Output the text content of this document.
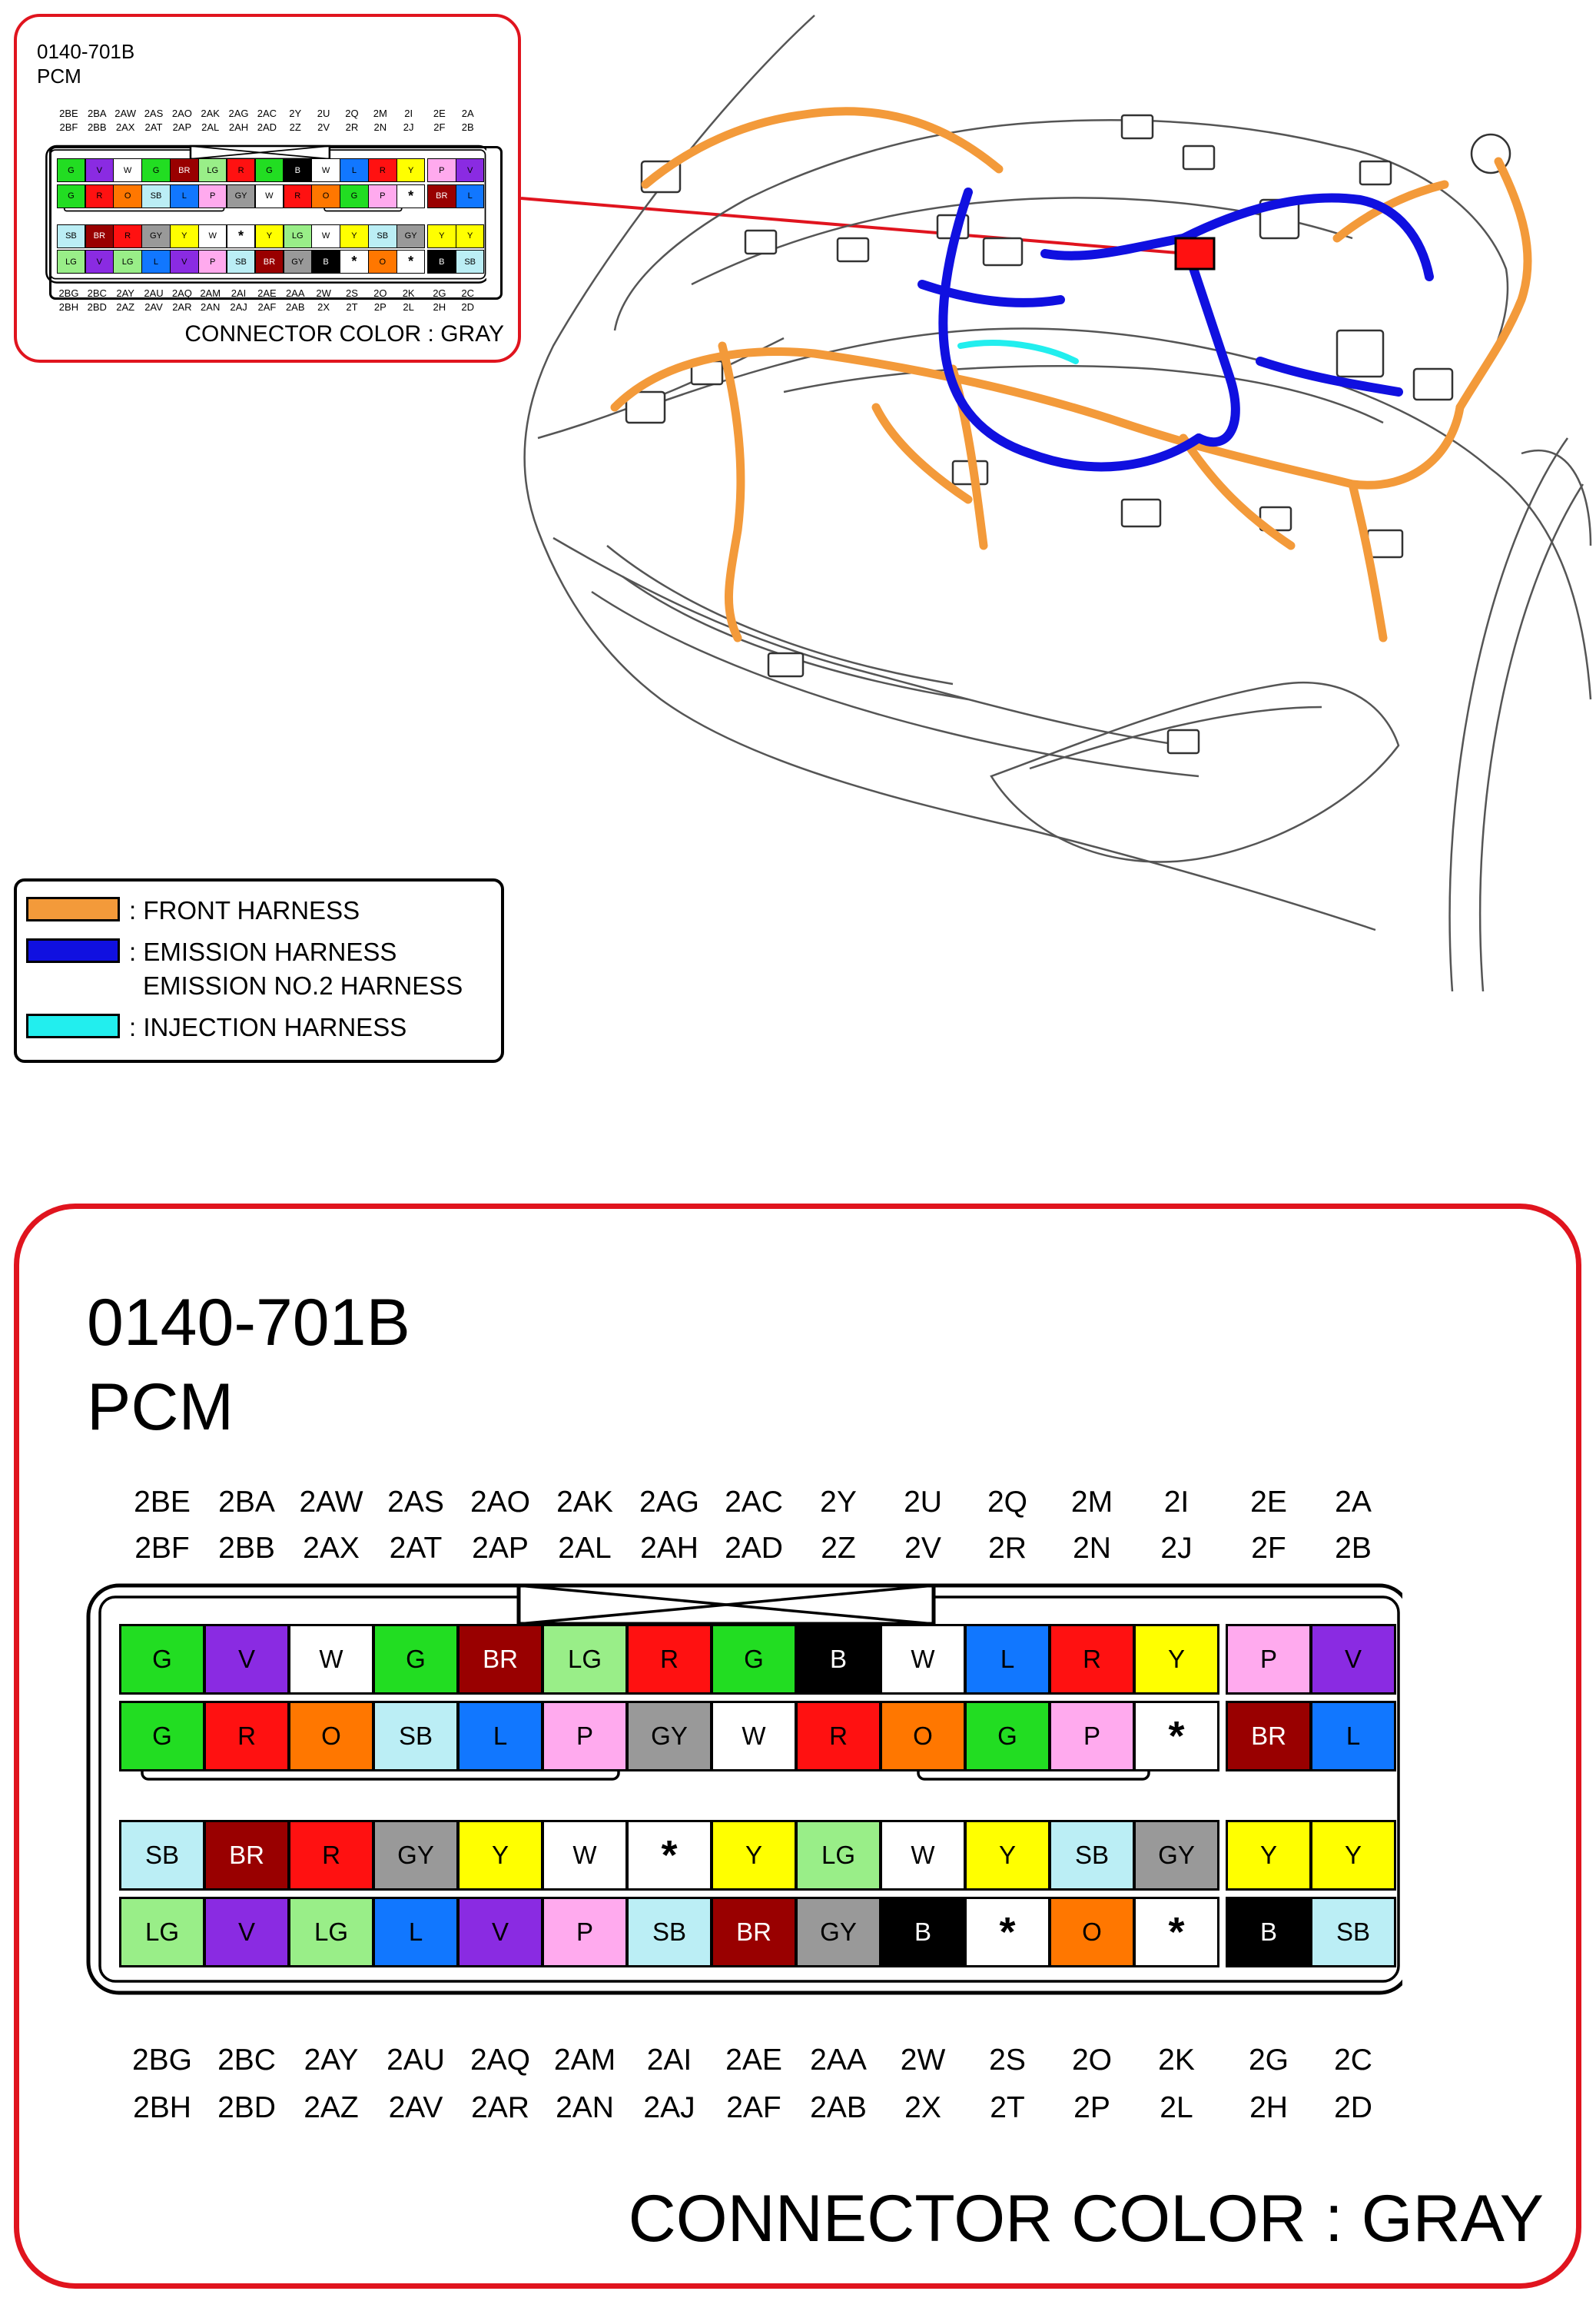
0140-701B
PCM
2BE 2BA 2AW 2AS 2AO 2AK 2AG 2AC	2Y	2U	2Q	2M	2I	2E	2A
2BF 2BB 2AX	2AT	2AP 2AL 2AH 2AD	2Z	2V	2R	2N	2J	2F	2B
2BG 2BC 2AY 2AU 2AQ 2AM	2AI	2AE 2AA	2W	2S	2O	2K	2G	2C
2BH 2BD 2AZ	2AV 2AR 2AN	2AJ	2AF 2AB	2X	2T	2P	2L	2H	2D
G	V	W G BR LG R	G	B	W	L	R	Y	P	V
G	R	O SB L	P GY W	R	O	G	P *	BR L
SB BR R GY Y	W *	Y LG W	Y SB GY	Y	Y
LG V LG L	V	P SB BR GY B *	O *	B SB
CONNECTOR COLOR : GRAY
: FRONT HARNESS
: EMISSION HARNESS
EMISSION NO.2 HARNESS
: INJECTION HARNESS
0140-701B
PCM
2BE 2BA 2AW 2AS 2AO 2AK 2AG 2AC	2Y	2U	2Q	2M	2I	2E	2A
2BF 2BB 2AX 2AT 2AP 2AL 2AH 2AD	2Z	2V	2R	2N	2J	2F	2B
2BG 2BC 2AY 2AU 2AQ 2AM	2AI	2AE 2AA	2W	2S	2O	2K	2G	2C
2BH 2BD 2AZ 2AV 2AR 2AN 2AJ	2AF 2AB	2X	2T	2P	2L	2H	2D
G	V	W G BR LG R	G	B	W	L	R	Y	P	V
G	R	O SB L	P GY W	R	O	G	P *	BR L
SB BR R GY Y	W *	Y LG W	Y SB GY	Y	Y
LG V LG L	V	P SB BR GY B *	O *	B SB
CONNECTOR COLOR : GRAY
